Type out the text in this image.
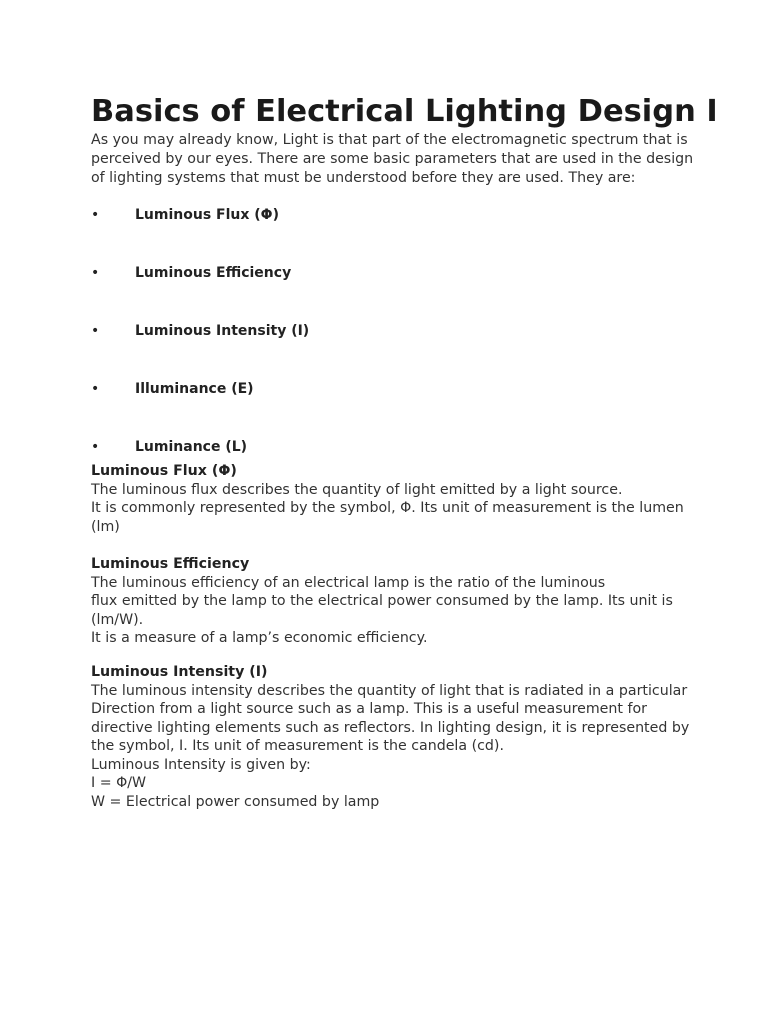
Basics of Electrical Lighting Design I
As you may already know, Light is that part of the electromagnetic spectrum that is
perceived by our eyes. There are some basic parameters that are used in the design
of lighting systems that must be understood before they are used. They are:
•	Luminous Flux (Φ)
•	Luminous Efficiency
•	Luminous Intensity (I)
•	Illuminance (E)
•	Luminance (L)
Luminous Flux (Φ)
The luminous flux describes the quantity of light emitted by a light source.
It is commonly represented by the symbol, Φ. Its unit of measurement is the lumen
(lm)
Luminous Efficiency
The luminous efficiency of an electrical lamp is the ratio of the luminous
flux emitted by the lamp to the electrical power consumed by the lamp. Its unit is
(lm/W).
It is a measure of a lamp’s economic efficiency.
Luminous Intensity (I)
The luminous intensity describes the quantity of light that is radiated in a particular
Direction from a light source such as a lamp. This is a useful measurement for
directive lighting elements such as reflectors. In lighting design, it is represented by
the symbol, I. Its unit of measurement is the candela (cd).
Luminous Intensity is given by:
I = Φ/W
W = Electrical power consumed by lamp
